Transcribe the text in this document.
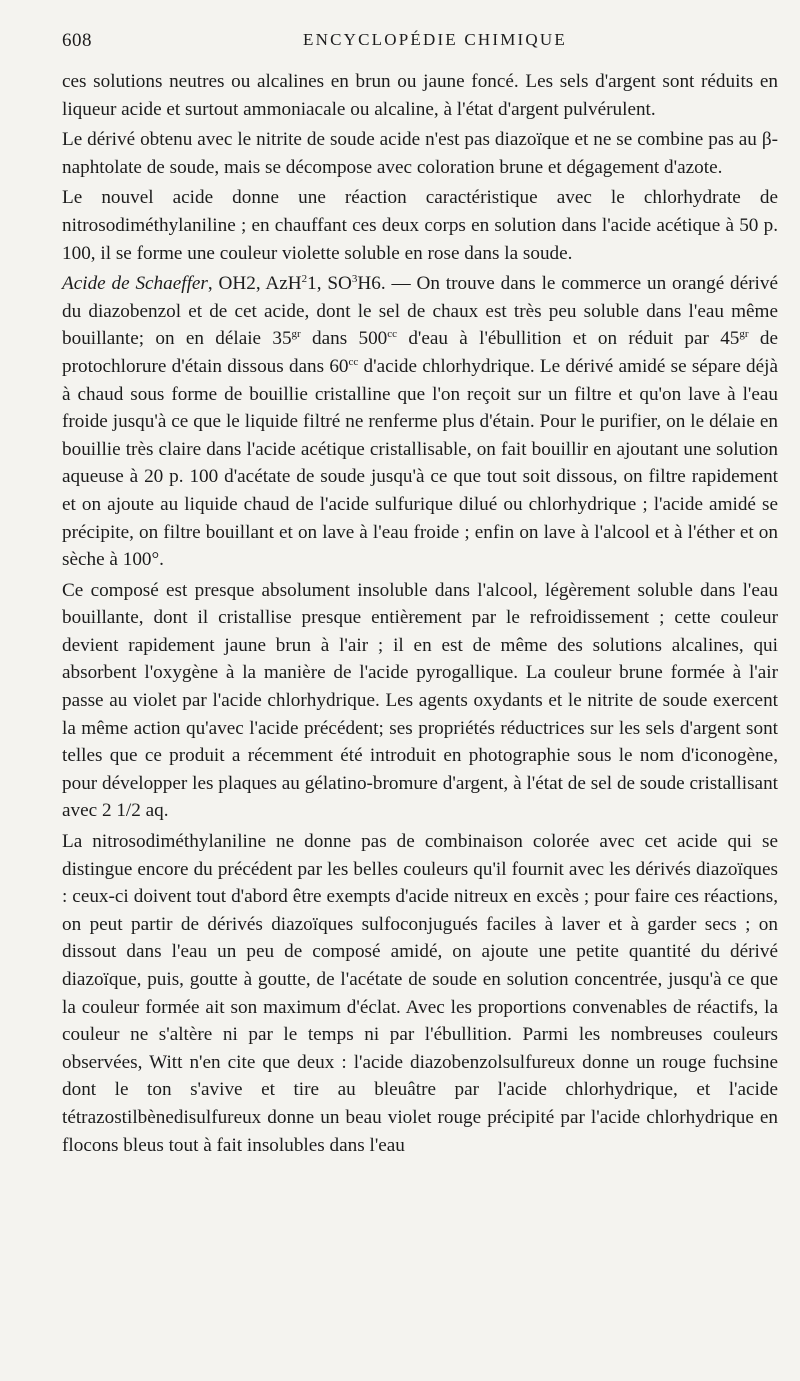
608	ENCYCLOPÉDIE CHIMIQUE

ces solutions neutres ou alcalines en brun ou jaune foncé. Les sels d'argent sont réduits en liqueur acide et surtout ammoniacale ou alcaline, à l'état d'argent pulvérulent.

Le dérivé obtenu avec le nitrite de soude acide n'est pas diazoïque et ne se combine pas au β-naphtolate de soude, mais se décompose avec coloration brune et dégagement d'azote.

Le nouvel acide donne une réaction caractéristique avec le chlorhydrate de nitrosodiméthylaniline ; en chauffant ces deux corps en solution dans l'acide acétique à 50 p. 100, il se forme une couleur violette soluble en rose dans la soude.

Acide de Schaeffer, OH2, AzH$^2$1, $SO^3H6$. — On trouve dans le commerce un orangé dérivé du diazobenzol et de cet acide, dont le sel de chaux est très peu soluble dans l'eau même bouillante; on en délaie $35^{gr}$ dans $500^{cc}$ d'eau à l'ébullition et on réduit par $45^{gr}$ de protochlorure d'étain dissous dans $60^{cc}$ d'acide chlorhydrique. Le dérivé amidé se sépare déjà à chaud sous forme de bouillie cristalline que l'on reçoit sur un filtre et qu'on lave à l'eau froide jusqu'à ce que le liquide filtré ne renferme plus d'étain. Pour le purifier, on le délaie en bouillie très claire dans l'acide acétique cristallisable, on fait bouillir en ajoutant une solution aqueuse à 20 p. 100 d'acétate de soude jusqu'à ce que tout soit dissous, on filtre rapidement et on ajoute au liquide chaud de l'acide sulfurique dilué ou chlorhydrique ; l'acide amidé se précipite, on filtre bouillant et on lave à l'eau froide ; enfin on lave à l'alcool et à l'éther et on sèche à 100°.

Ce composé est presque absolument insoluble dans l'alcool, légèrement soluble dans l'eau bouillante, dont il cristallise presque entièrement par le refroidissement ; cette couleur devient rapidement jaune brun à l'air ; il en est de même des solutions alcalines, qui absorbent l'oxygène à la manière de l'acide pyrogallique. La couleur brune formée à l'air passe au violet par l'acide chlorhydrique. Les agents oxydants et le nitrite de soude exercent la même action qu'avec l'acide précédent; ses propriétés réductrices sur les sels d'argent sont telles que ce produit a récemment été introduit en photographie sous le nom d'iconogène, pour développer les plaques au gélatino-bromure d'argent, à l'état de sel de soude cristallisant avec 2 1/2 aq.

La nitrosodiméthylaniline ne donne pas de combinaison colorée avec cet acide qui se distingue encore du précédent par les belles couleurs qu'il fournit avec les dérivés diazoïques : ceux-ci doivent tout d'abord être exempts d'acide nitreux en excès ; pour faire ces réactions, on peut partir de dérivés diazoïques sulfoconjugués faciles à laver et à garder secs ; on dissout dans l'eau un peu de composé amidé, on ajoute une petite quantité du dérivé diazoïque, puis, goutte à goutte, de l'acétate de soude en solution concentrée, jusqu'à ce que la couleur formée ait son maximum d'éclat. Avec les proportions convenables de réactifs, la couleur ne s'altère ni par le temps ni par l'ébullition. Parmi les nombreuses couleurs observées, Witt n'en cite que deux : l'acide diazobenzolsulfureux donne un rouge fuchsine dont le ton s'avive et tire au bleuâtre par l'acide chlorhydrique, et l'acide tétrazostilbènedisulfureux donne un beau violet rouge précipité par l'acide chlorhydrique en flocons bleus tout à fait insolubles dans l'eau
